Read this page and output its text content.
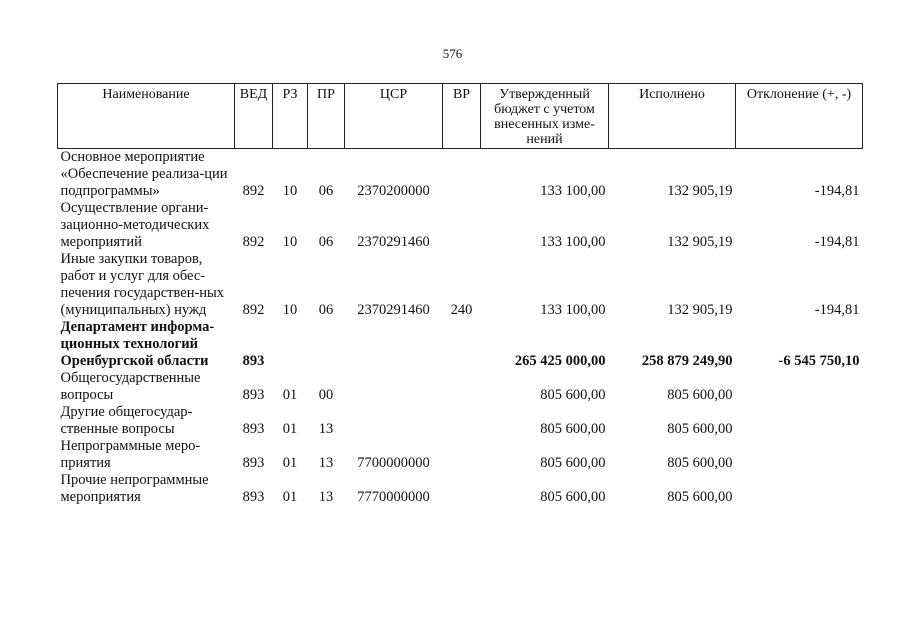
576
Наименование	ВЕД	РЗ	ПР	ЦСР	ВР	Утвержденный бюджет с учетом внесенных изме-нений	Исполнено	Отклонение (+, -)
Основное мероприятие «Обеспечение реализа-ции подпрограммы»	892	10	06	2370200000		133 100,00	132 905,19	-194,81
Осуществление органи-зационно-методических мероприятий	892	10	06	2370291460		133 100,00	132 905,19	-194,81
Иные закупки товаров, работ и услуг для обес-печения государствен-ных (муниципальных) нужд	892	10	06	2370291460	240	133 100,00	132 905,19	-194,81
Департамент информа-ционных технологий Оренбургской области	893					265 425 000,00	258 879 249,90	-6 545 750,10
Общегосударственные вопросы	893	01	00			805 600,00	805 600,00	
Другие общегосудар-ственные вопросы	893	01	13			805 600,00	805 600,00	
Непрограммные меро-приятия	893	01	13	7700000000		805 600,00	805 600,00	
Прочие непрограммные мероприятия	893	01	13	7770000000		805 600,00	805 600,00	
